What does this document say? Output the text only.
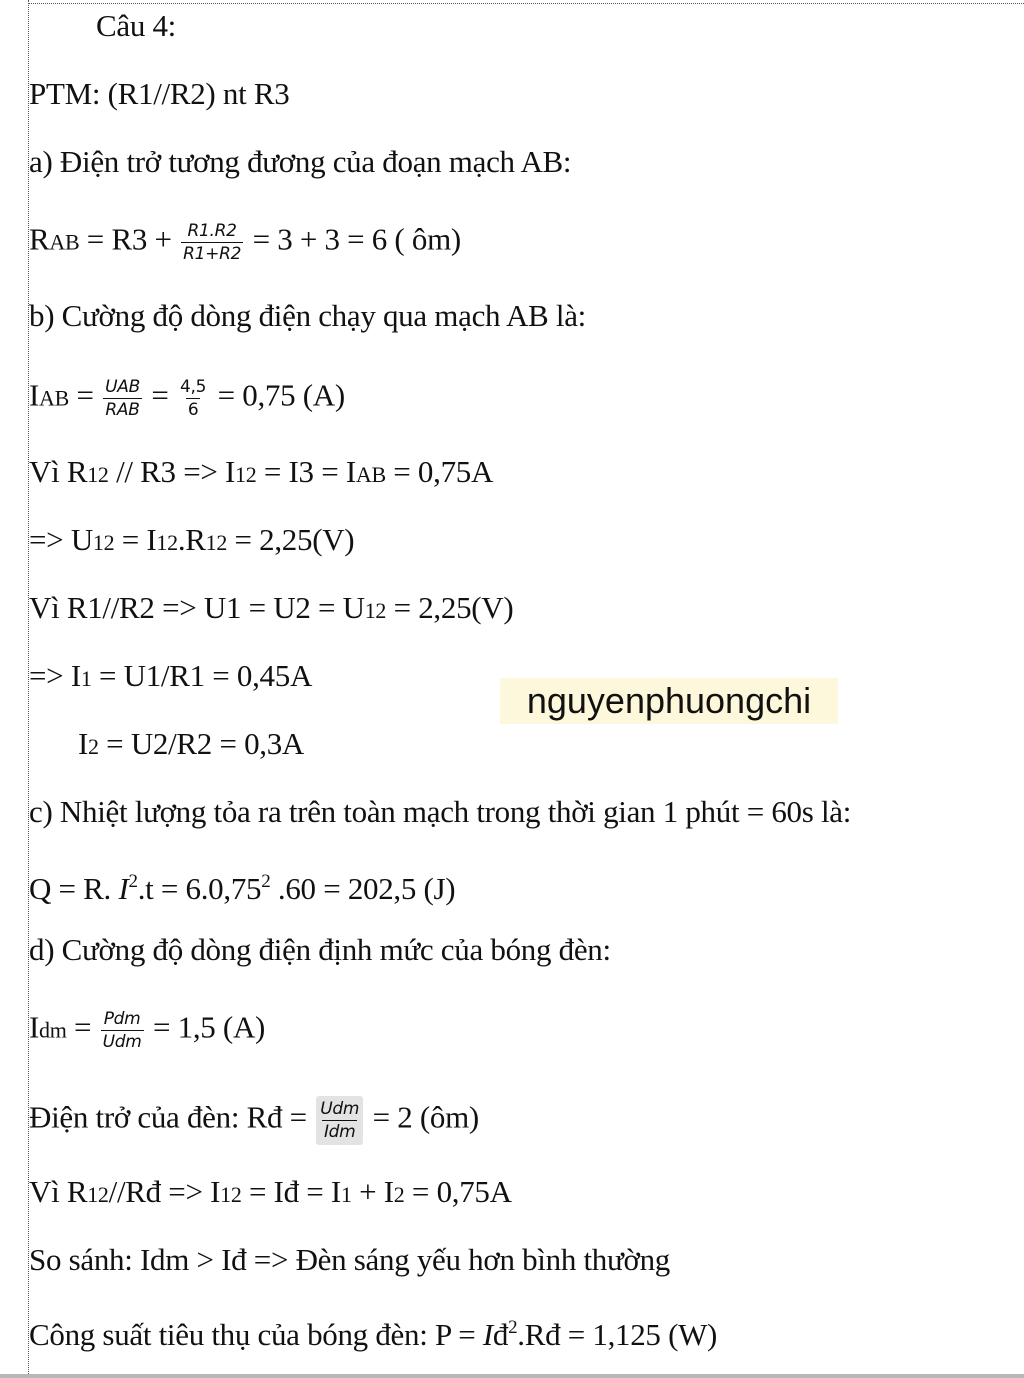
Câu 4:
PTM: (R1//R2) nt R3
a) Điện trở tương đương của đoạn mạch AB:
RAB = $R3 + \frac{R1.R2}{R1+R2} = 3 + 3 = 6$ ( ôm)
b) Cường độ dòng điện chạy qua mạch AB là:
IAB = $\frac{\text{UAB}}{\text{RAB}} = \frac{4,5}{6} = 0,75$ (A)
Vì R12 // R3 => I12 = I3 = IAB = 0,75A
=> U12 = I12.R12 = 2,25(V)
Vì R1//R2 => U1 = U2 = U12 = 2,25(V)
=> I1 = U1/R1 = 0,45A
nguyenphuongchi
I2 = U2/R2 = 0,3A
c) Nhiệt lượng tỏa ra trên toàn mạch trong thời gian 1 phút = 60s là:
Q = R. $I^2.t = 6.0,75^2$ .60 = 202,5 (J)
d) Cường độ dòng điện định mức của bóng đèn:
Idm = $\frac{\text{Pdm}}{\text{Udm}} = 1,5$ (A)
Điện trở của đèn: Rđ = $\frac{\text{Udm}}{\text{Idm}} = 2$ (ôm)
Vì R12//Rđ => I12 = Iđ = I1 + I2 = 0,75A
So sánh: Idm > Iđ => Đèn sáng yếu hơn bình thường
Công suất tiêu thụ của bóng đèn: $P = Iđ^2.Rđ = 1,125$ (W)
